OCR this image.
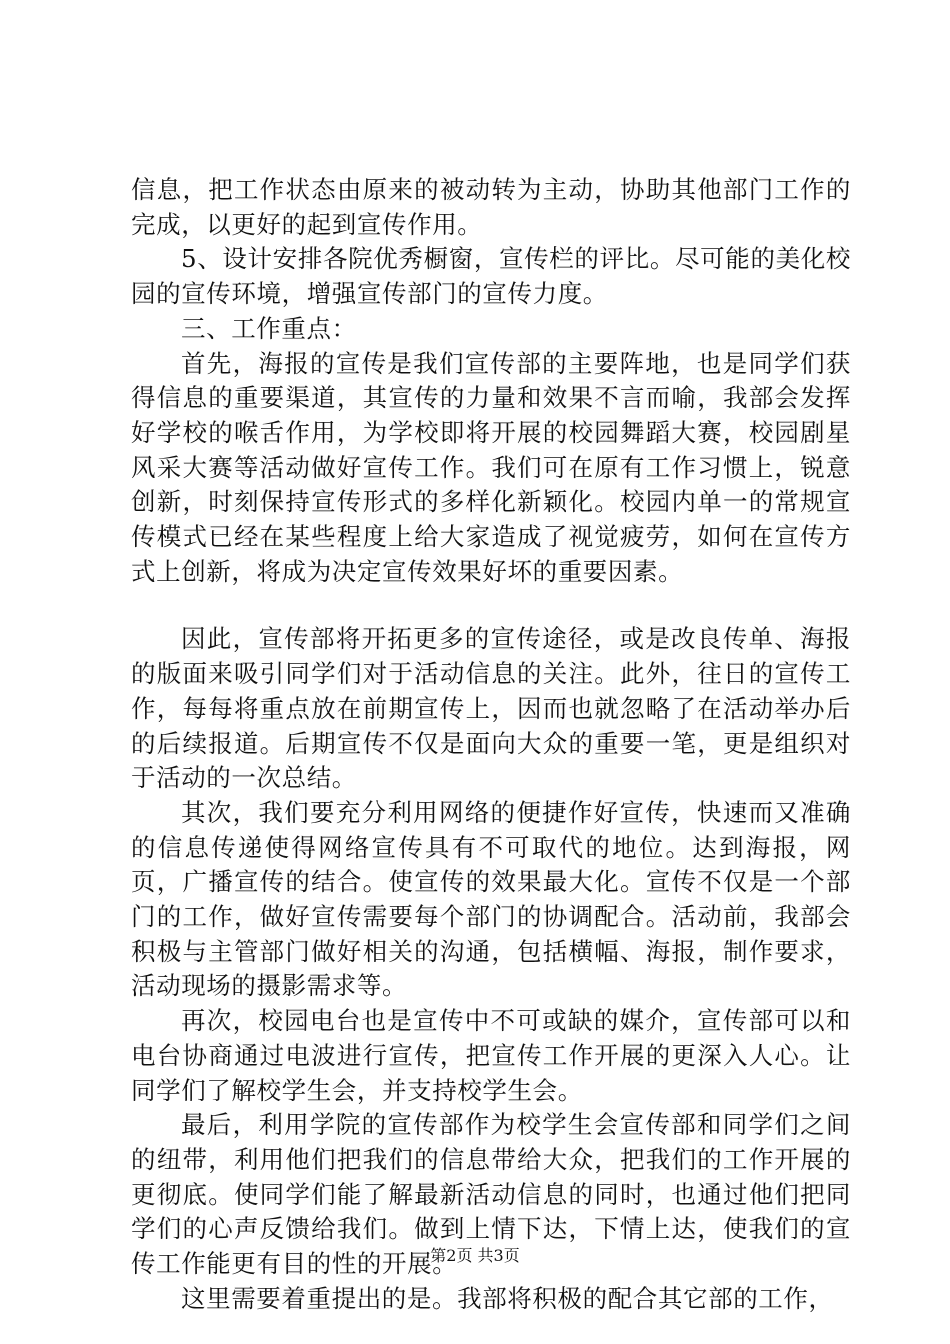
信息，把工作状态由原来的被动转为主动，协助其他部门工作的完成，以更好的起到宣传作用。

5、设计安排各院优秀橱窗，宣传栏的评比。尽可能的美化校园的宣传环境，增强宣传部门的宣传力度。

三、工作重点：

首先，海报的宣传是我们宣传部的主要阵地，也是同学们获得信息的重要渠道，其宣传的力量和效果不言而喻，我部会发挥好学校的喉舌作用，为学校即将开展的校园舞蹈大赛，校园剧星风采大赛等活动做好宣传工作。我们可在原有工作习惯上，锐意创新，时刻保持宣传形式的多样化新颖化。校园内单一的常规宣传模式已经在某些程度上给大家造成了视觉疲劳，如何在宣传方式上创新，将成为决定宣传效果好坏的重要因素。

因此，宣传部将开拓更多的宣传途径，或是改良传单、海报的版面来吸引同学们对于活动信息的关注。此外，往日的宣传工作，每每将重点放在前期宣传上，因而也就忽略了在活动举办后的后续报道。后期宣传不仅是面向大众的重要一笔，更是组织对于活动的一次总结。

其次，我们要充分利用网络的便捷作好宣传，快速而又准确的信息传递使得网络宣传具有不可取代的地位。达到海报，网页，广播宣传的结合。使宣传的效果最大化。宣传不仅是一个部门的工作，做好宣传需要每个部门的协调配合。活动前，我部会积极与主管部门做好相关的沟通，包括横幅、海报，制作要求，活动现场的摄影需求等。

再次，校园电台也是宣传中不可或缺的媒介，宣传部可以和电台协商通过电波进行宣传，把宣传工作开展的更深入人心。让同学们了解校学生会，并支持校学生会。

最后，利用学院的宣传部作为校学生会宣传部和同学们之间的纽带，利用他们把我们的信息带给大众，把我们的工作开展的更彻底。使同学们能了解最新活动信息的同时，也通过他们把同学们的心声反馈给我们。做到上情下达，下情上达，使我们的宣传工作能更有目的性的开展。

这里需要着重提出的是。我部将积极的配合其它部的工作，

第2页 共3页
